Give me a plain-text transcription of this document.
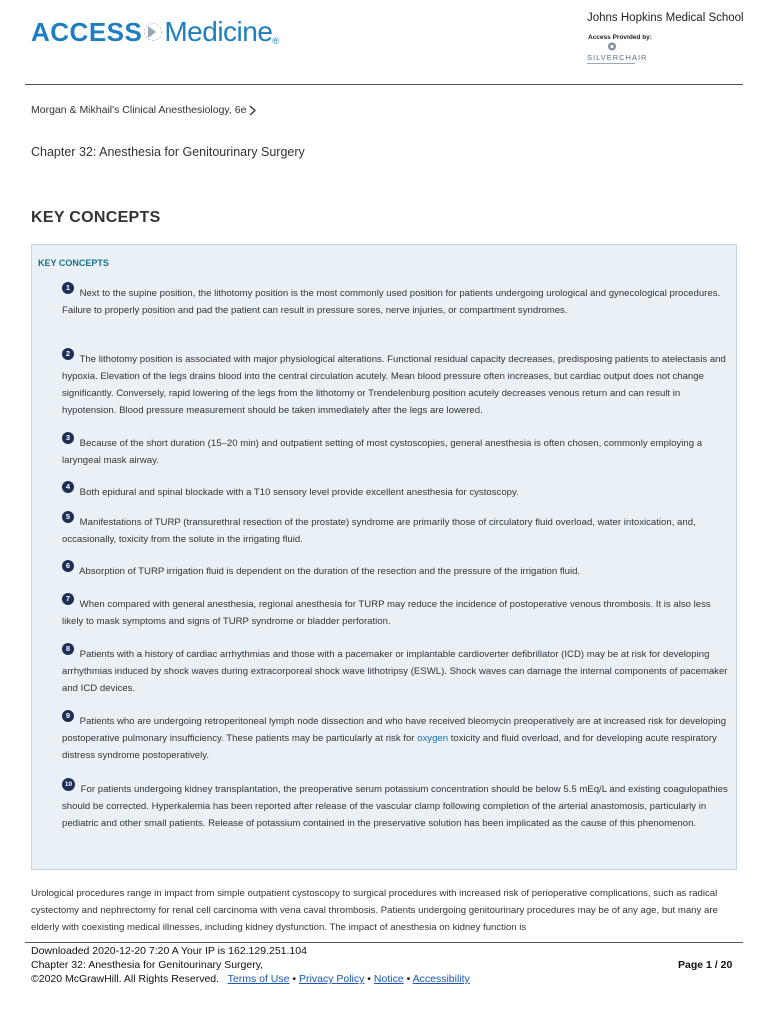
ACCESS Medicine ®
Johns Hopkins Medical School
Access Provided by:
SILVERCHAIR
Morgan & Mikhail's Clinical Anesthesiology, 6e
Chapter 32: Anesthesia for Genitourinary Surgery
KEY CONCEPTS
KEY CONCEPTS
1 Next to the supine position, the lithotomy position is the most commonly used position for patients undergoing urological and gynecological procedures. Failure to properly position and pad the patient can result in pressure sores, nerve injuries, or compartment syndromes.
2 The lithotomy position is associated with major physiological alterations. Functional residual capacity decreases, predisposing patients to atelectasis and hypoxia. Elevation of the legs drains blood into the central circulation acutely. Mean blood pressure often increases, but cardiac output does not change significantly. Conversely, rapid lowering of the legs from the lithotomy or Trendelenburg position acutely decreases venous return and can result in hypotension. Blood pressure measurement should be taken immediately after the legs are lowered.
3 Because of the short duration (15–20 min) and outpatient setting of most cystoscopies, general anesthesia is often chosen, commonly employing a laryngeal mask airway.
4 Both epidural and spinal blockade with a T10 sensory level provide excellent anesthesia for cystoscopy.
5 Manifestations of TURP (transurethral resection of the prostate) syndrome are primarily those of circulatory fluid overload, water intoxication, and, occasionally, toxicity from the solute in the irrigating fluid.
6 Absorption of TURP irrigation fluid is dependent on the duration of the resection and the pressure of the irrigation fluid.
7 When compared with general anesthesia, regional anesthesia for TURP may reduce the incidence of postoperative venous thrombosis. It is also less likely to mask symptoms and signs of TURP syndrome or bladder perforation.
8 Patients with a history of cardiac arrhythmias and those with a pacemaker or implantable cardioverter defibrillator (ICD) may be at risk for developing arrhythmias induced by shock waves during extracorporeal shock wave lithotripsy (ESWL). Shock waves can damage the internal components of pacemaker and ICD devices.
9 Patients who are undergoing retroperitoneal lymph node dissection and who have received bleomycin preoperatively are at increased risk for developing postoperative pulmonary insufficiency. These patients may be particularly at risk for oxygen toxicity and fluid overload, and for developing acute respiratory distress syndrome postoperatively.
10 For patients undergoing kidney transplantation, the preoperative serum potassium concentration should be below 5.5 mEq/L and existing coagulopathies should be corrected. Hyperkalemia has been reported after release of the vascular clamp following completion of the arterial anastomosis, particularly in pediatric and other small patients. Release of potassium contained in the preservative solution has been implicated as the cause of this phenomenon.
Urological procedures range in impact from simple outpatient cystoscopy to surgical procedures with increased risk of perioperative complications, such as radical cystectomy and nephrectomy for renal cell carcinoma with vena caval thrombosis. Patients undergoing genitourinary procedures may be of any age, but many are elderly with coexisting medical illnesses, including kidney dysfunction. The impact of anesthesia on kidney function is
Downloaded 2020-12-20 7:20 A Your IP is 162.129.251.104
Chapter 32: Anesthesia for Genitourinary Surgery,
©2020 McGrawHill. All Rights Reserved. Terms of Use • Privacy Policy • Notice • Accessibility
Page 1 / 20
